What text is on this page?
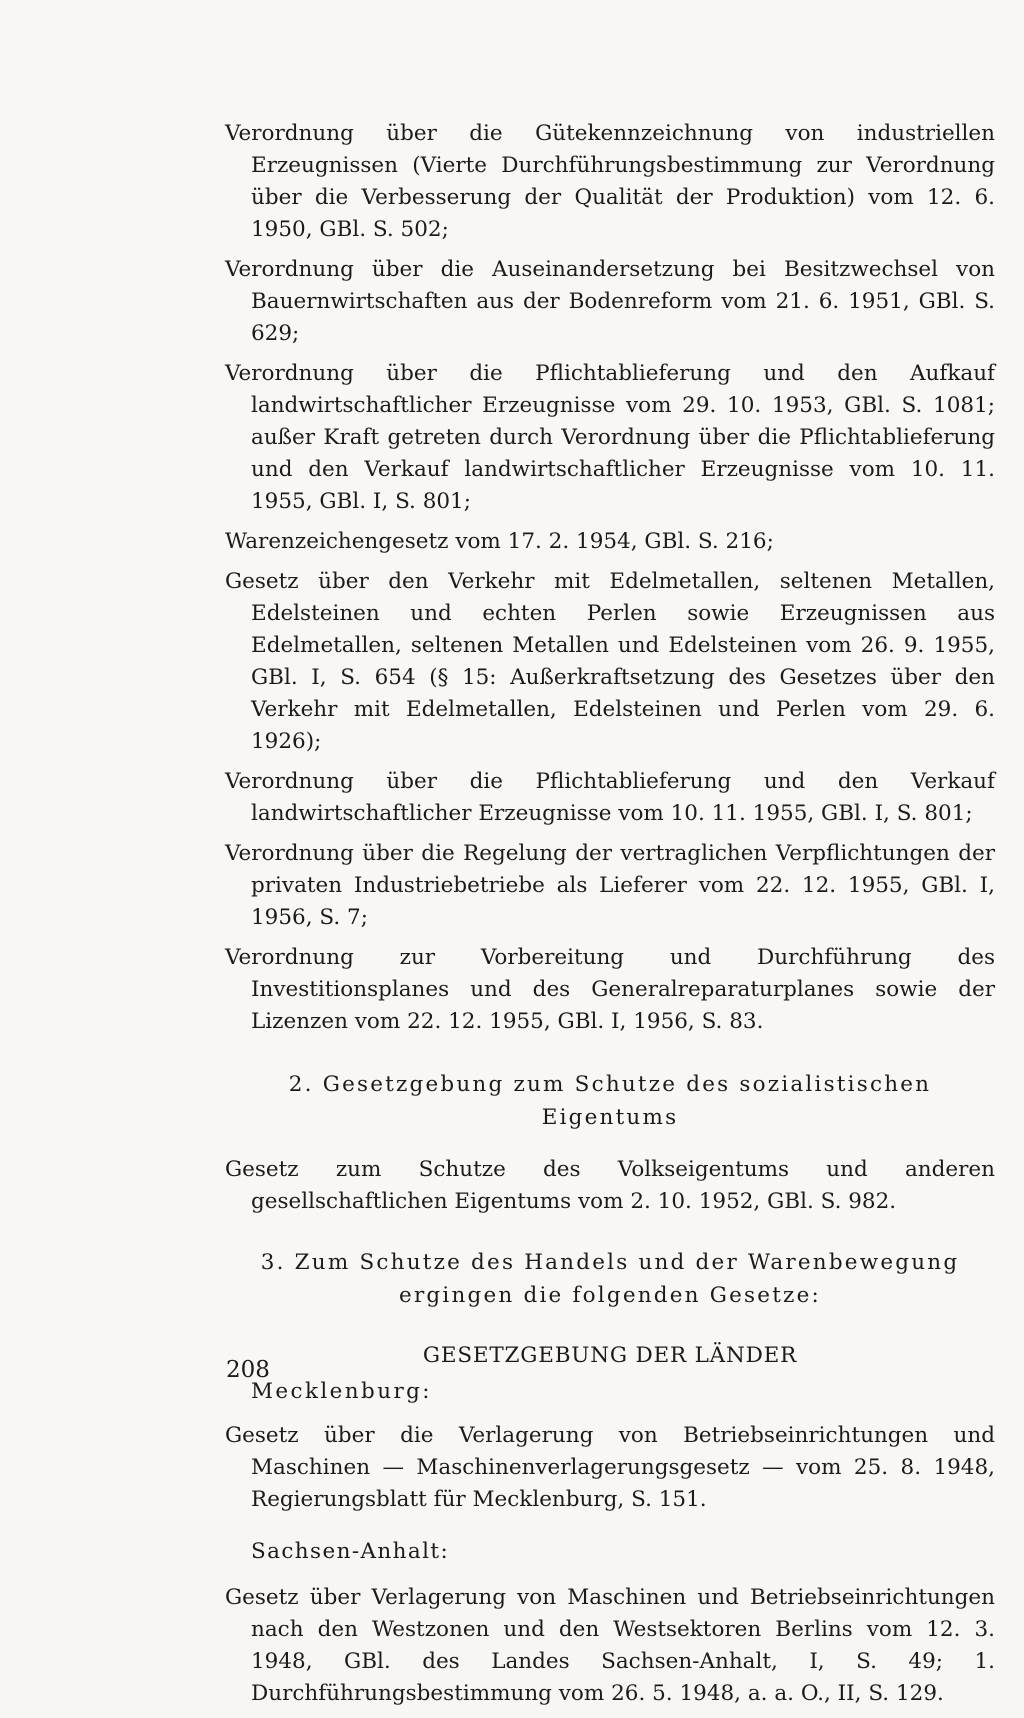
Verordnung über die Gütekennzeichnung von industriellen Erzeugnissen (Vierte Durchführungsbestimmung zur Verordnung über die Verbesserung der Qualität der Produktion) vom 12. 6. 1950, GBl. S. 502;

Verordnung über die Auseinandersetzung bei Besitzwechsel von Bauernwirtschaften aus der Bodenreform vom 21. 6. 1951, GBl. S. 629;

Verordnung über die Pflichtablieferung und den Aufkauf landwirtschaftlicher Erzeugnisse vom 29. 10. 1953, GBl. S. 1081; außer Kraft getreten durch Verordnung über die Pflichtablieferung und den Verkauf landwirtschaftlicher Erzeugnisse vom 10. 11. 1955, GBl. I, S. 801;

Warenzeichengesetz vom 17. 2. 1954, GBl. S. 216;

Gesetz über den Verkehr mit Edelmetallen, seltenen Metallen, Edelsteinen und echten Perlen sowie Erzeugnissen aus Edelmetallen, seltenen Metallen und Edelsteinen vom 26. 9. 1955, GBl. I, S. 654 (§ 15: Außerkraftsetzung des Gesetzes über den Verkehr mit Edelmetallen, Edelsteinen und Perlen vom 29. 6. 1926);

Verordnung über die Pflichtablieferung und den Verkauf landwirtschaftlicher Erzeugnisse vom 10. 11. 1955, GBl. I, S. 801;

Verordnung über die Regelung der vertraglichen Verpflichtungen der privaten Industriebetriebe als Lieferer vom 22. 12. 1955, GBl. I, 1956, S. 7;

Verordnung zur Vorbereitung und Durchführung des Investitionsplanes und des Generalreparaturplanes sowie der Lizenzen vom 22. 12. 1955, GBl. I, 1956, S. 83.

2. Gesetzgebung zum Schutze des sozialistischen

Eigentums

Gesetz zum Schutze des Volkseigentums und anderen gesellschaftlichen Eigentums vom 2. 10. 1952, GBl. S. 982.

3. Zum Schutze des Handels und der Warenbewegung

ergingen die folgenden Gesetze:

GESETZGEBUNG DER LÄNDER

Mecklenburg:

Gesetz über die Verlagerung von Betriebseinrichtungen und Maschinen — Maschinenverlagerungsgesetz — vom 25. 8. 1948, Regierungsblatt für Mecklenburg, S. 151.

Sachsen-Anhalt:

Gesetz über Verlagerung von Maschinen und Betriebseinrichtungen nach den Westzonen und den Westsektoren Berlins vom 12. 3. 1948, GBl. des Landes Sachsen-Anhalt, I, S. 49; 1. Durchführungsbestimmung vom 26. 5. 1948, a. a. O., II, S. 129.

208
